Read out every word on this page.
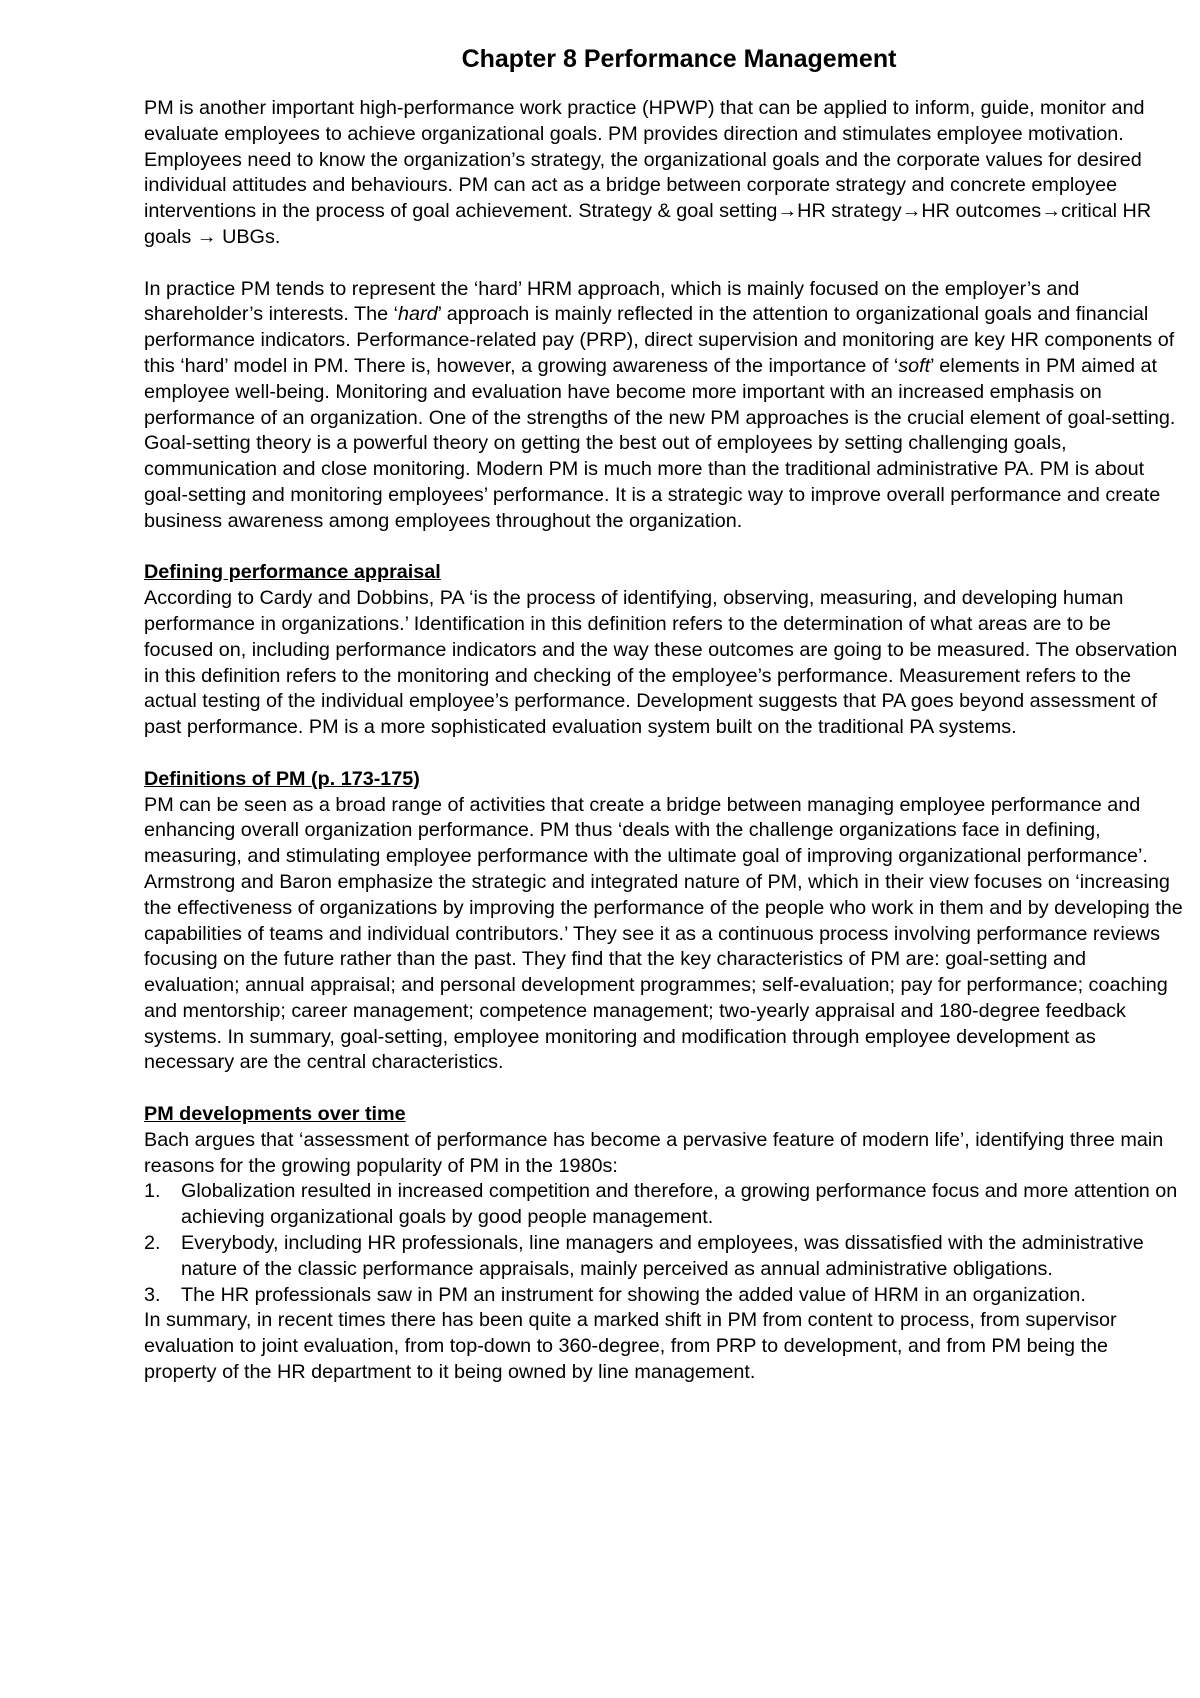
Chapter 8 Performance Management

PM is another important high-performance work practice (HPWP) that can be applied to inform, guide, monitor and evaluate employees to achieve organizational goals. PM provides direction and stimulates employee motivation. Employees need to know the organization’s strategy, the organizational goals and the corporate values for desired individual attitudes and behaviours. PM can act as a bridge between corporate strategy and concrete employee interventions in the process of goal achievement. Strategy & goal setting→HR strategy→HR outcomes→critical HR goals → UBGs.

In practice PM tends to represent the ‘hard’ HRM approach, which is mainly focused on the employer’s and shareholder’s interests. The ‘hard’ approach is mainly reflected in the attention to organizational goals and financial performance indicators. Performance-related pay (PRP), direct supervision and monitoring are key HR components of this ‘hard’ model in PM. There is, however, a growing awareness of the importance of ‘soft’ elements in PM aimed at employee well-being. Monitoring and evaluation have become more important with an increased emphasis on performance of an organization. One of the strengths of the new PM approaches is the crucial element of goal-setting. Goal-setting theory is a powerful theory on getting the best out of employees by setting challenging goals, communication and close monitoring. Modern PM is much more than the traditional administrative PA. PM is about goal-setting and monitoring employees’ performance. It is a strategic way to improve overall performance and create business awareness among employees throughout the organization.

Defining performance appraisal

According to Cardy and Dobbins, PA ‘is the process of identifying, observing, measuring, and developing human performance in organizations.’ Identification in this definition refers to the determination of what areas are to be focused on, including performance indicators and the way these outcomes are going to be measured. The observation in this definition refers to the monitoring and checking of the employee’s performance. Measurement refers to the actual testing of the individual employee’s performance. Development suggests that PA goes beyond assessment of past performance. PM is a more sophisticated evaluation system built on the traditional PA systems.

Definitions of PM (p. 173-175)

PM can be seen as a broad range of activities that create a bridge between managing employee performance and enhancing overall organization performance. PM thus ‘deals with the challenge organizations face in defining, measuring, and stimulating employee performance with the ultimate goal of improving organizational performance’. Armstrong and Baron emphasize the strategic and integrated nature of PM, which in their view focuses on ‘increasing the effectiveness of organizations by improving the performance of the people who work in them and by developing the capabilities of teams and individual contributors.’ They see it as a continuous process involving performance reviews focusing on the future rather than the past. They find that the key characteristics of PM are: goal-setting and evaluation; annual appraisal; and personal development programmes; self-evaluation; pay for performance; coaching and mentorship; career management; competence management; two-yearly appraisal and 180-degree feedback systems. In summary, goal-setting, employee monitoring and modification through employee development as necessary are the central characteristics.

PM developments over time

Bach argues that ‘assessment of performance has become a pervasive feature of modern life’, identifying three main reasons for the growing popularity of PM in the 1980s:

1. Globalization resulted in increased competition and therefore, a growing performance focus and more attention on achieving organizational goals by good people management.
2. Everybody, including HR professionals, line managers and employees, was dissatisfied with the administrative nature of the classic performance appraisals, mainly perceived as annual administrative obligations.
3. The HR professionals saw in PM an instrument for showing the added value of HRM in an organization.

In summary, in recent times there has been quite a marked shift in PM from content to process, from supervisor evaluation to joint evaluation, from top-down to 360-degree, from PRP to development, and from PM being the property of the HR department to it being owned by line management.
